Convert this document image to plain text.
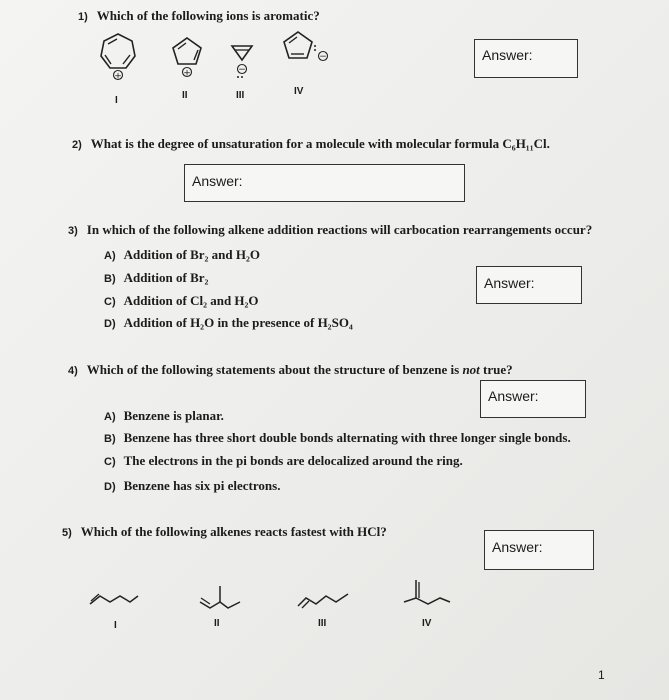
1) Which of the following ions is aromatic?
+	+	−
−
I	II	III	IV
Answer:
2) What is the degree of unsaturation for a molecule with molecular formula C₆H₁₁Cl.
Answer:
3) In which of the following alkene addition reactions will carbocation rearrangements occur?
A) Addition of Br₂ and H₂O
B) Addition of Br₂
C) Addition of Cl₂ and H₂O
D) Addition of H₂O in the presence of H₂SO₄
Answer:
4) Which of the following statements about the structure of benzene is not true?
Answer:
A) Benzene is planar.
B) Benzene has three short double bonds alternating with three longer single bonds.
C) The electrons in the pi bonds are delocalized around the ring.
D) Benzene has six pi electrons.
5) Which of the following alkenes reacts fastest with HCl?
Answer:
I	II	III	IV
1
